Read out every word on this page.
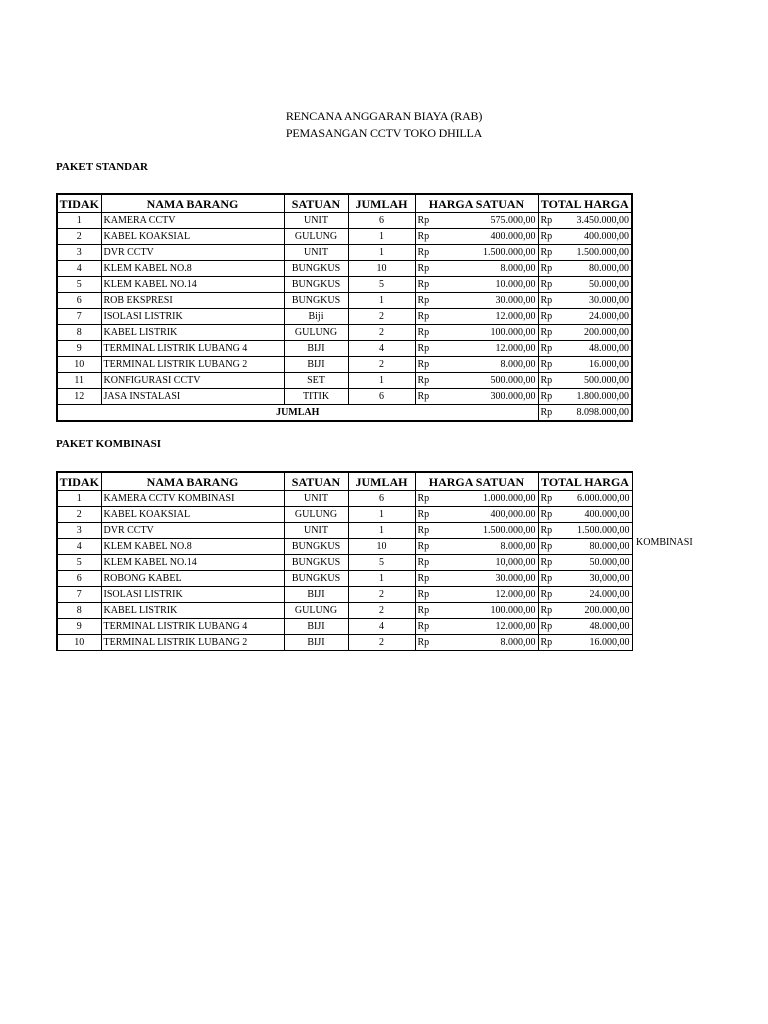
RENCANA ANGGARAN BIAYA (RAB)
PEMASANGAN CCTV TOKO DHILLA
PAKET STANDAR
TIDAK	NAMA BARANG	SATUAN	JUMLAH	HARGA SATUAN		TOTAL HARGA	
1	KAMERA CCTV	UNIT	6	Rp	575.000,00	Rp	3.450.000,00
2	KABEL KOAKSIAL	GULUNG	1	Rp	400.000,00	Rp	400.000,00
3	DVR CCTV	UNIT	1	Rp	1.500.000,00	Rp	1.500.000,00
4	KLEM KABEL NO.8	BUNGKUS	10	Rp	8.000,00	Rp	80.000,00
5	KLEM KABEL NO.14	BUNGKUS	5	Rp	10.000,00	Rp	50.000,00
6	ROB EKSPRESI	BUNGKUS	1	Rp	30.000,00	Rp	30.000,00
7	ISOLASI LISTRIK	Biji	2	Rp	12.000,00	Rp	24.000,00
8	KABEL LISTRIK	GULUNG	2	Rp	100.000,00	Rp	200.000,00
9	TERMINAL LISTRIK LUBANG 4	BIJI	4	Rp	12.000,00	Rp	48.000,00
10	TERMINAL LISTRIK LUBANG 2	BIJI	2	Rp	8.000,00	Rp	16.000,00
11	KONFIGURASI CCTV	SET	1	Rp	500.000,00	Rp	500.000,00
12	JASA INSTALASI	TITIK	6	Rp	300.000,00	Rp	1.800.000,00
JUMLAH						Rp	8.098.000,00
PAKET KOMBINASI
TIDAK	NAMA BARANG	SATUAN	JUMLAH	HARGA SATUAN		TOTAL HARGA	
1	KAMERA CCTV KOMBINASI	UNIT	6	Rp	1.000.000,00	Rp	6.000.000,00
2	KABEL KOAKSIAL	GULUNG	1	Rp	400,000.00	Rp	400.000,00
3	DVR CCTV	UNIT	1	Rp	1.500.000,00	Rp	1.500.000,00
4	KLEM KABEL NO.8	BUNGKUS	10	Rp	8.000,00	Rp	80.000,00
5	KLEM KABEL NO.14	BUNGKUS	5	Rp	10,000,00	Rp	50.000,00
6	ROBONG KABEL	BUNGKUS	1	Rp	30.000,00	Rp	30,000,00
7	ISOLASI LISTRIK	BIJI	2	Rp	12.000,00	Rp	24.000,00
8	KABEL LISTRIK	GULUNG	2	Rp	100.000,00	Rp	200.000,00
9	TERMINAL LISTRIK LUBANG 4	BIJI	4	Rp	12.000,00	Rp	48.000,00
10	TERMINAL LISTRIK LUBANG 2	BIJI	2	Rp	8.000,00	Rp	16.000,00
KOMBINASI
